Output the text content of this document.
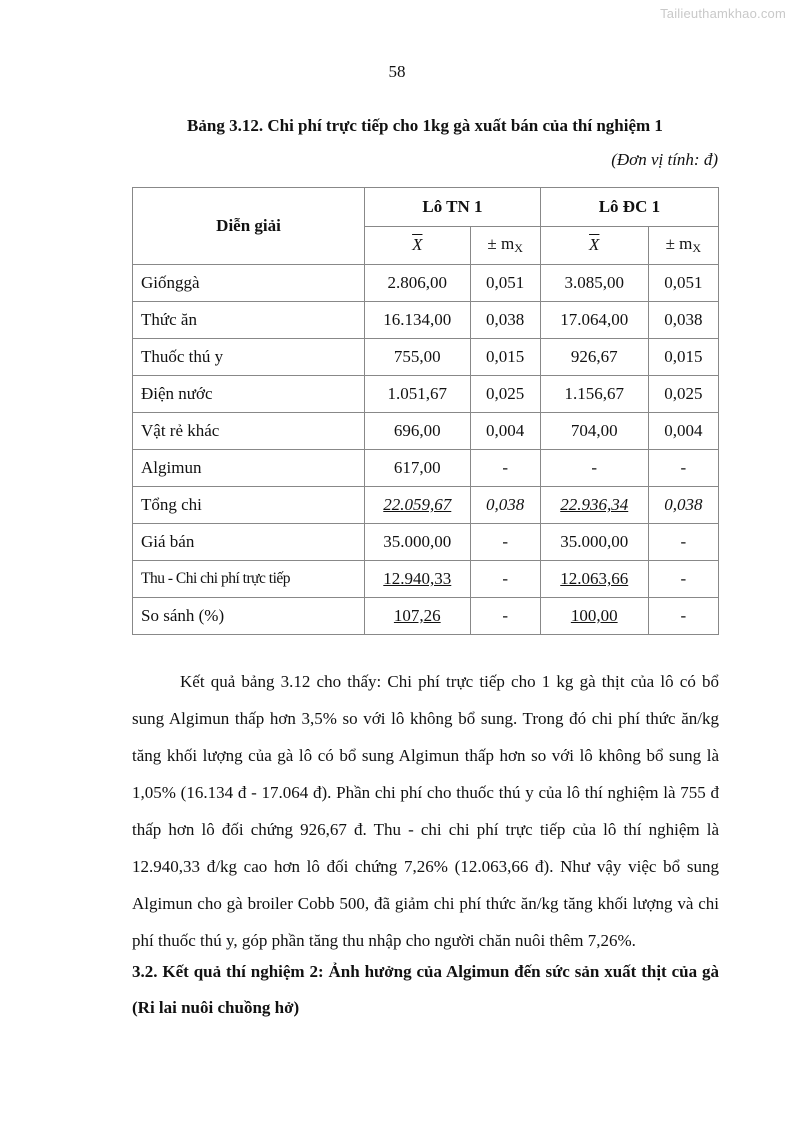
Tailieuthamkhao.com
58
Bảng 3.12. Chi phí trực tiếp cho 1kg gà xuất bán của thí nghiệm 1
(Đơn vị tính: đ)
Diễn giải	Lô TN 1		Lô ĐC 1	
	$\overline{X}$	± $m_X$	$\overline{X}$	± $m_X$
Giốnggà	2.806,00	0,051	3.085,00	0,051
Thức ăn	16.134,00	0,038	17.064,00	0,038
Thuốc thú y	755,00	0,015	926,67	0,015
Điện nước	1.051,67	0,025	1.156,67	0,025
Vật rẻ khác	696,00	0,004	704,00	0,004
Algimun	617,00	-	-	-
Tổng chi	22.059,67	0,038	22.936,34	0,038
Giá bán	35.000,00	-	35.000,00	-
Thu - Chi chi phí trực tiếp	12.940,33	-	12.063,66	-
So sánh (%)	107,26	-	100,00	-

Kết quả bảng 3.12 cho thấy: Chi phí trực tiếp cho 1 kg gà thịt của lô có bổ sung Algimun thấp hơn 3,5% so với lô không bổ sung. Trong đó chi phí thức ăn/kg tăng khối lượng của gà lô có bổ sung Algimun thấp hơn so với lô không bổ sung là 1,05% (16.134 đ - 17.064 đ). Phần chi phí cho thuốc thú y của lô thí nghiệm là 755 đ thấp hơn lô đối chứng 926,67 đ. Thu - chi chi phí trực tiếp của lô thí nghiệm là 12.940,33 đ/kg cao hơn lô đối chứng 7,26% (12.063,66 đ). Như vậy việc bổ sung Algimun cho gà broiler Cobb 500, đã giảm chi phí thức ăn/kg tăng khối lượng và chi phí thuốc thú y, góp phần tăng thu nhập cho người chăn nuôi thêm 7,26%.

3.2. Kết quả thí nghiệm 2: Ảnh hưởng của Algimun đến sức sản xuất thịt của gà (Ri lai nuôi chuồng hở)
